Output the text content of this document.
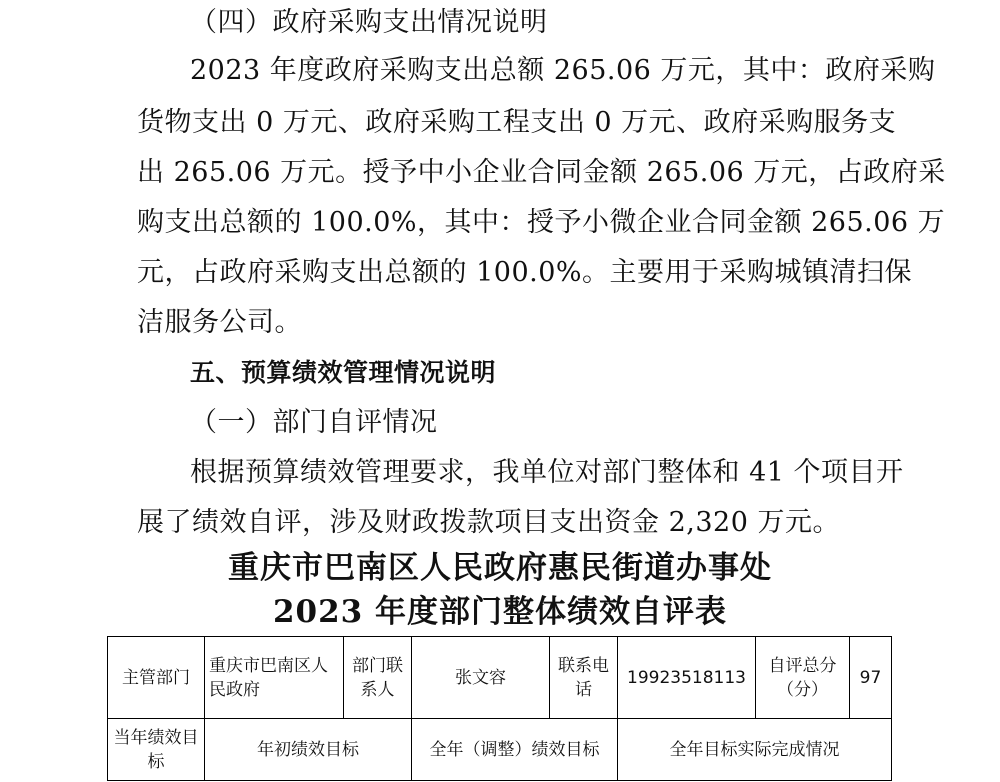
（四）政府采购支出情况说明
2023 年度政府采购支出总额 265.06 万元，其中：政府采购
货物支出 0 万元、政府采购工程支出 0 万元、政府采购服务支
出 265.06 万元。授予中小企业合同金额 265.06 万元，占政府采
购支出总额的 100.0%，其中：授予小微企业合同金额 265.06 万
元，占政府采购支出总额的 100.0%。主要用于采购城镇清扫保
洁服务公司。
五、预算绩效管理情况说明
（一）部门自评情况
根据预算绩效管理要求，我单位对部门整体和 41 个项目开
展了绩效自评，涉及财政拨款项目支出资金 2,320 万元。
重庆市巴南区人民政府惠民街道办事处
2023 年度部门整体绩效自评表
主管部门	重庆市巴南区人民政府	部门联系人	张文容	联系电话	19923518113	自评总分（分）	97
当年绩效目标	年初绩效目标		全年（调整）绩效目标		全年目标实际完成情况		
